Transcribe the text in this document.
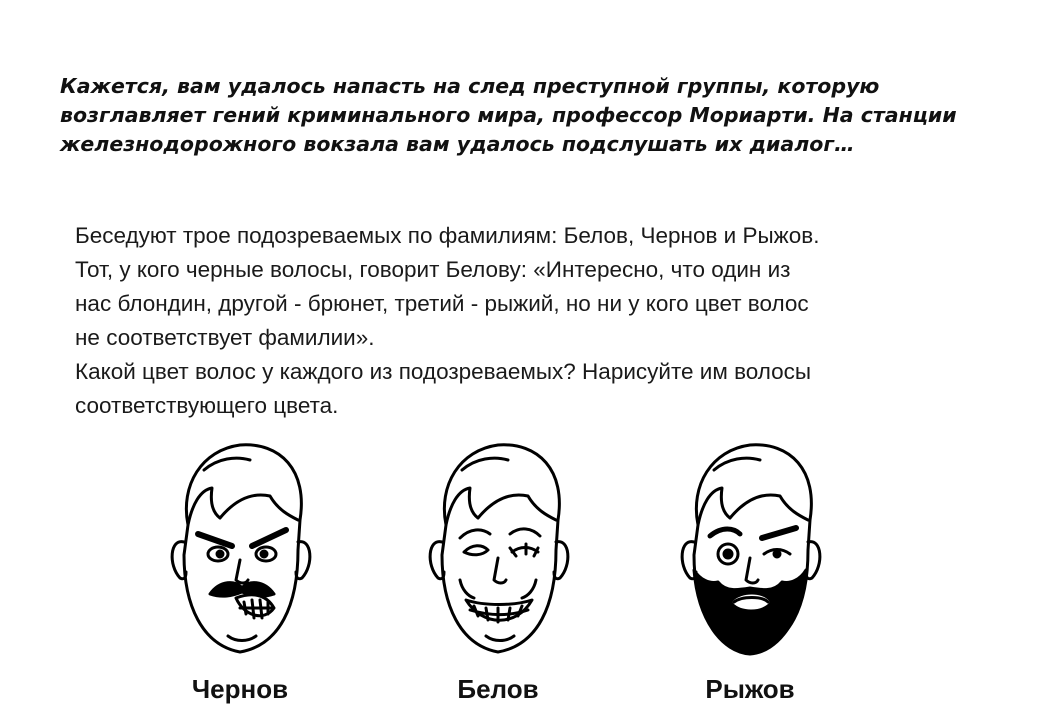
Кажется, вам удалось напасть на след преступной группы, которую
возглавляет гений криминального мира, профессор Мориарти. На станции
железнодорожного вокзала вам удалось подслушать их диалог…
Беседуют трое подозреваемых по фамилиям: Белов, Чернов и Рыжов.
Тот, у кого черные волосы, говорит Белову: «Интересно, что один из
нас блондин, другой - брюнет, третий - рыжий, но ни у кого цвет волос
не соответствует фамилии».
Какой цвет волос у каждого из подозреваемых? Нарисуйте им волосы
соответствующего цвета.
Чернов	Белов	Рыжов
